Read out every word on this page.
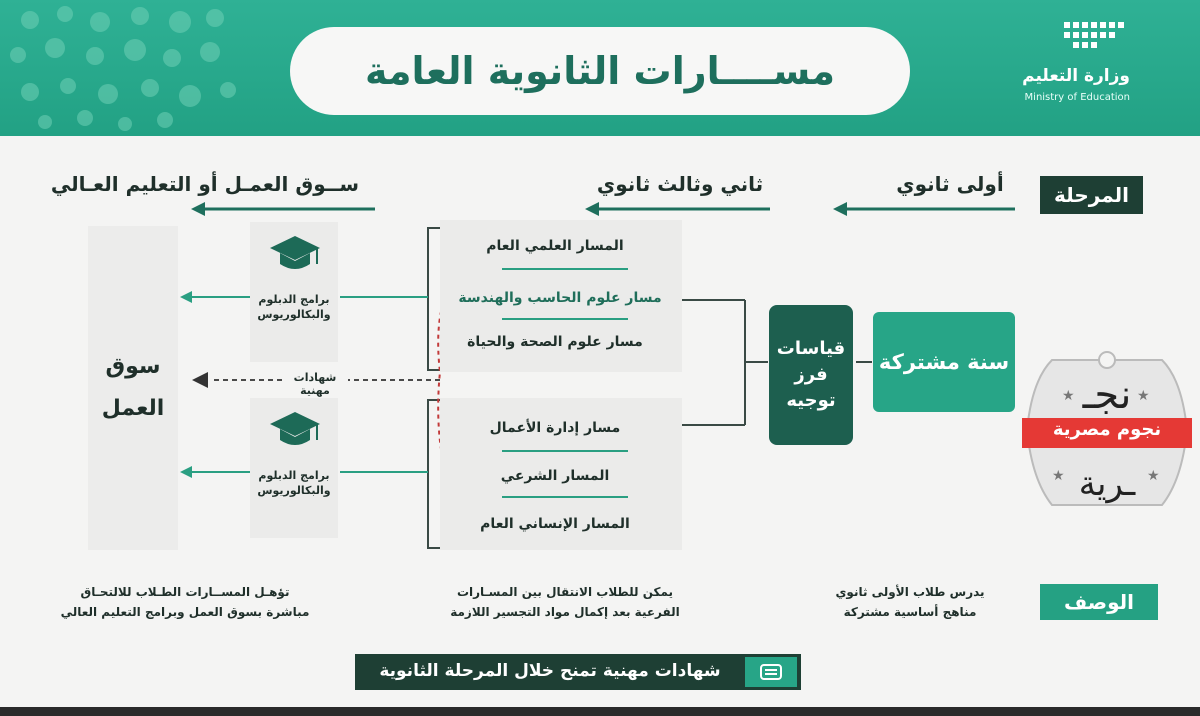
مســــارات الثانوية العامة	وزارة التعليم
Ministry of Education
المرحلة
أولى ثانوي
ثاني وثالث ثانوي
ســوق العمـل أو التعليم العـالي
سنة مشتركة
قياسات
فرز
توجيه
المسار العلمي العام
مسار علوم الحاسب والهندسة
مسار علوم الصحة والحياة
مسار إدارة الأعمال
المسار الشرعي
المسار الإنساني العام
برامج الدبلوم
والبكالوريوس
برامج الدبلوم
والبكالوريوس
شهادات مهنية
سوق
العمل
الوصف
يدرس طلاب الأولى ثانوي
مناهج أساسية مشتركة
يمكن للطلاب الانتقال بين المسـارات
الفرعية بعد إكمال مواد التجسير اللازمة
تؤهـل المســارات الطـلاب للالتحـاق
مباشرة بسوق العمل وبرامج التعليم العالي
شهادات مهنية تمنح خلال المرحلة الثانوية
★	★
★	★
نجـ
ـرية
نجوم مصرية
